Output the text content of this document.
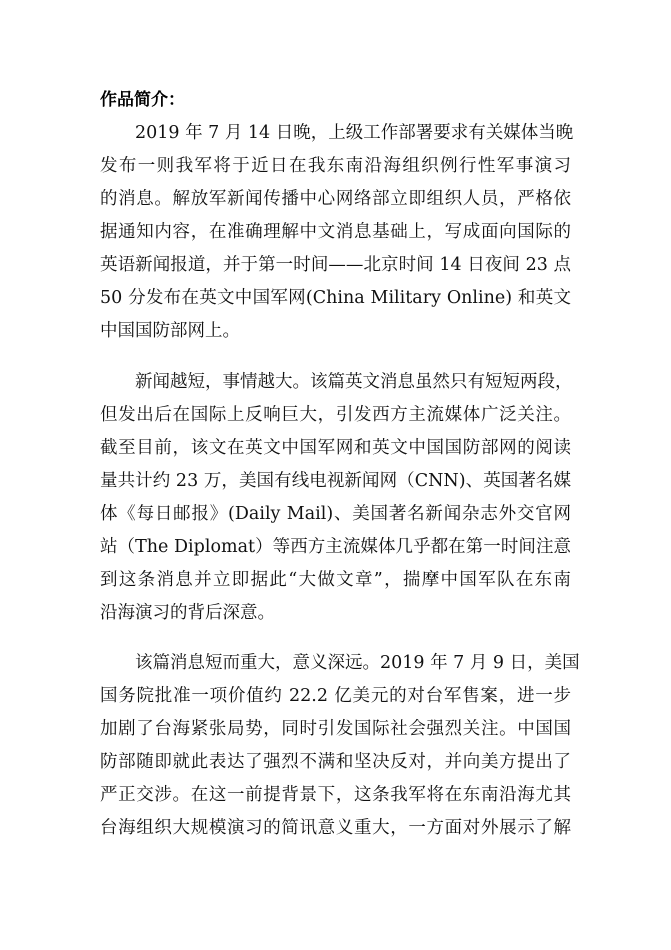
作品简介：
2019 年 7 月 14 日晚，上级工作部署要求有关媒体当晚
发布一则我军将于近日在我东南沿海组织例行性军事演习
的消息。解放军新闻传播中心网络部立即组织人员，严格依
据通知内容，在准确理解中文消息基础上，写成面向国际的
英语新闻报道，并于第一时间——北京时间 14 日夜间 23 点
50 分发布在英文中国军网(China Military Online) 和英文
中国国防部网上。
新闻越短，事情越大。该篇英文消息虽然只有短短两段，
但发出后在国际上反响巨大，引发西方主流媒体广泛关注。
截至目前，该文在英文中国军网和英文中国国防部网的阅读
量共计约 23 万，美国有线电视新闻网（CNN)、英国著名媒
体《每日邮报》(Daily Mail)、美国著名新闻杂志外交官网
站（The Diplomat）等西方主流媒体几乎都在第一时间注意
到这条消息并立即据此“大做文章”，揣摩中国军队在东南
沿海演习的背后深意。
该篇消息短而重大，意义深远。2019 年 7 月 9 日，美国
国务院批准一项价值约 22.2 亿美元的对台军售案，进一步
加剧了台海紧张局势，同时引发国际社会强烈关注。中国国
防部随即就此表达了强烈不满和坚决反对，并向美方提出了
严正交涉。在这一前提背景下，这条我军将在东南沿海尤其
台海组织大规模演习的简讯意义重大，一方面对外展示了解
